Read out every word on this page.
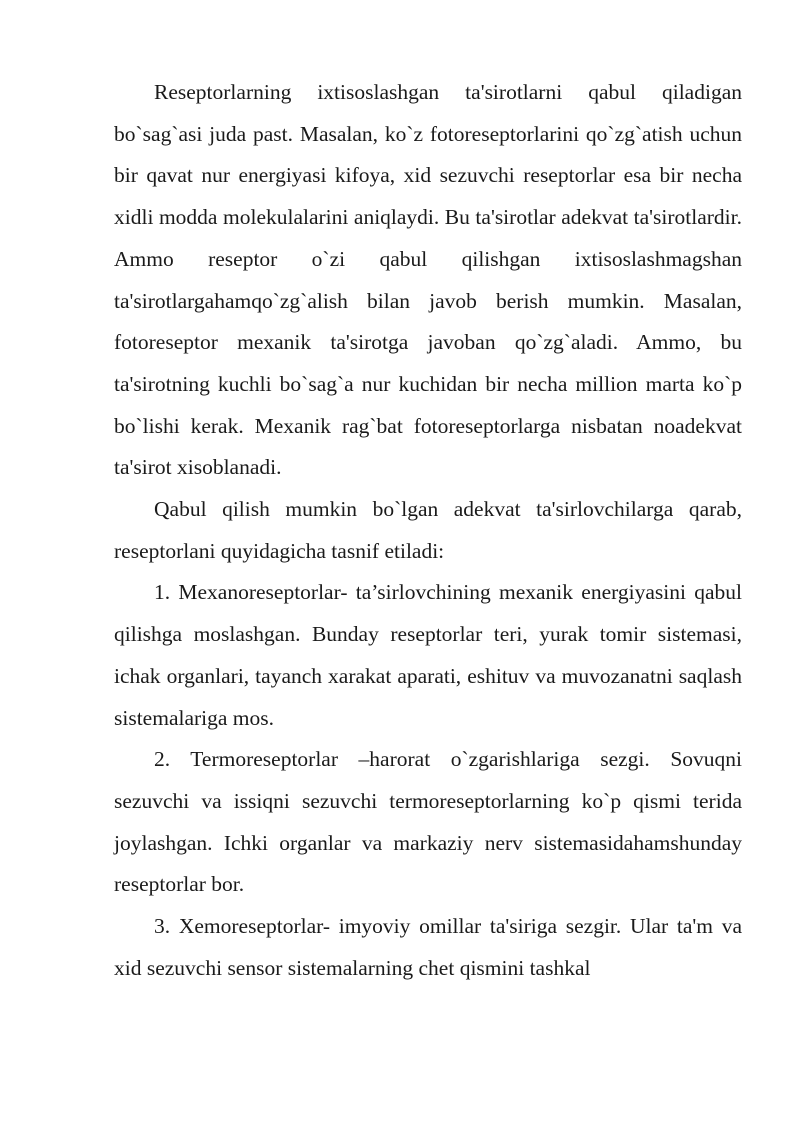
Reseptorlarning ixtisoslashgan ta'sirotlarni qabul qiladigan bo`sag`asi juda past. Masalan, ko`z fotoreseptorlarini qo`zg`atish uchun bir qavat nur energiyasi kifoya, xid sezuvchi reseptorlar esa bir necha xidli modda molekulalarini aniqlaydi. Bu ta'sirotlar adekvat ta'sirotlardir. Ammo reseptor o`zi qabul qilishgan ixtisoslashmagshan ta'sirotlargahamqo`zg`alish bilan javob berish mumkin. Masalan, fotoreseptor mexanik ta'sirotga javoban qo`zg`aladi. Ammo, bu ta'sirotning kuchli bo`sag`a nur kuchidan bir necha million marta ko`p bo`lishi kerak. Mexanik rag`bat fotoreseptorlarga nisbatan noadekvat ta'sirot xisoblanadi.

Qabul qilish mumkin bo`lgan adekvat ta'sirlovchilarga qarab, reseptorlani quyidagicha tasnif etiladi:

1. Mexanoreseptorlar- ta’sirlovchining mexanik energiyasini qabul qilishga moslashgan. Bunday reseptorlar teri, yurak tomir sistemasi, ichak organlari, tayanch xarakat aparati, eshituv va muvozanatni saqlash sistemalariga mos.

2. Termoreseptorlar –harorat o`zgarishlariga sezgi. Sovuqni sezuvchi va issiqni sezuvchi termoreseptorlarning ko`p qismi terida joylashgan. Ichki organlar va markaziy nerv sistemasidahamshunday reseptorlar bor.

3. Xemoreseptorlar- imyoviy omillar ta'siriga sezgir. Ular ta'm va xid sezuvchi sensor sistemalarning chet qismini tashkal
